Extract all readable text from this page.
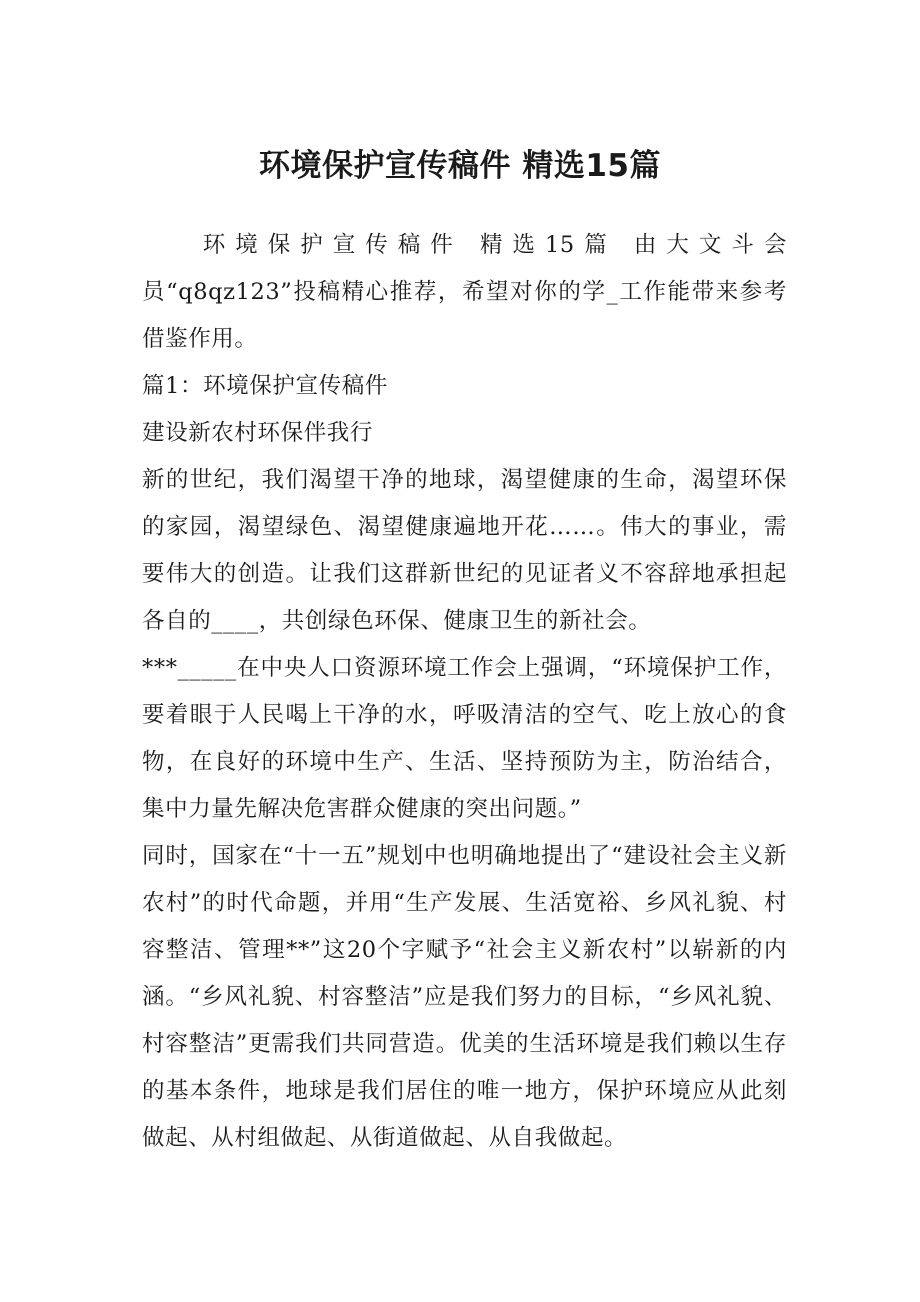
环境保护宣传稿件 精选15篇

环境保护宣传稿件 精选15篇 由大文斗会员“q8qz123”投稿精心推荐，希望对你的学_工作能带来参考借鉴作用。

篇1：环境保护宣传稿件

建设新农村环保伴我行

新的世纪，我们渴望干净的地球，渴望健康的生命，渴望环保的家园，渴望绿色、渴望健康遍地开花……。伟大的事业，需要伟大的创造。让我们这群新世纪的见证者义不容辞地承担起各自的____，共创绿色环保、健康卫生的新社会。

***_____在中央人口资源环境工作会上强调，“环境保护工作，要着眼于人民喝上干净的水，呼吸清洁的空气、吃上放心的食物，在良好的环境中生产、生活、坚持预防为主，防治结合，集中力量先解决危害群众健康的突出问题。”

同时，国家在“十一五”规划中也明确地提出了“建设社会主义新农村”的时代命题，并用“生产发展、生活宽裕、乡风礼貌、村容整洁、管理**”这20个字赋予“社会主义新农村”以崭新的内涵。“乡风礼貌、村容整洁”应是我们努力的目标，“乡风礼貌、村容整洁”更需我们共同营造。优美的生活环境是我们赖以生存的基本条件，地球是我们居住的唯一地方，保护环境应从此刻做起、从村组做起、从街道做起、从自我做起。
